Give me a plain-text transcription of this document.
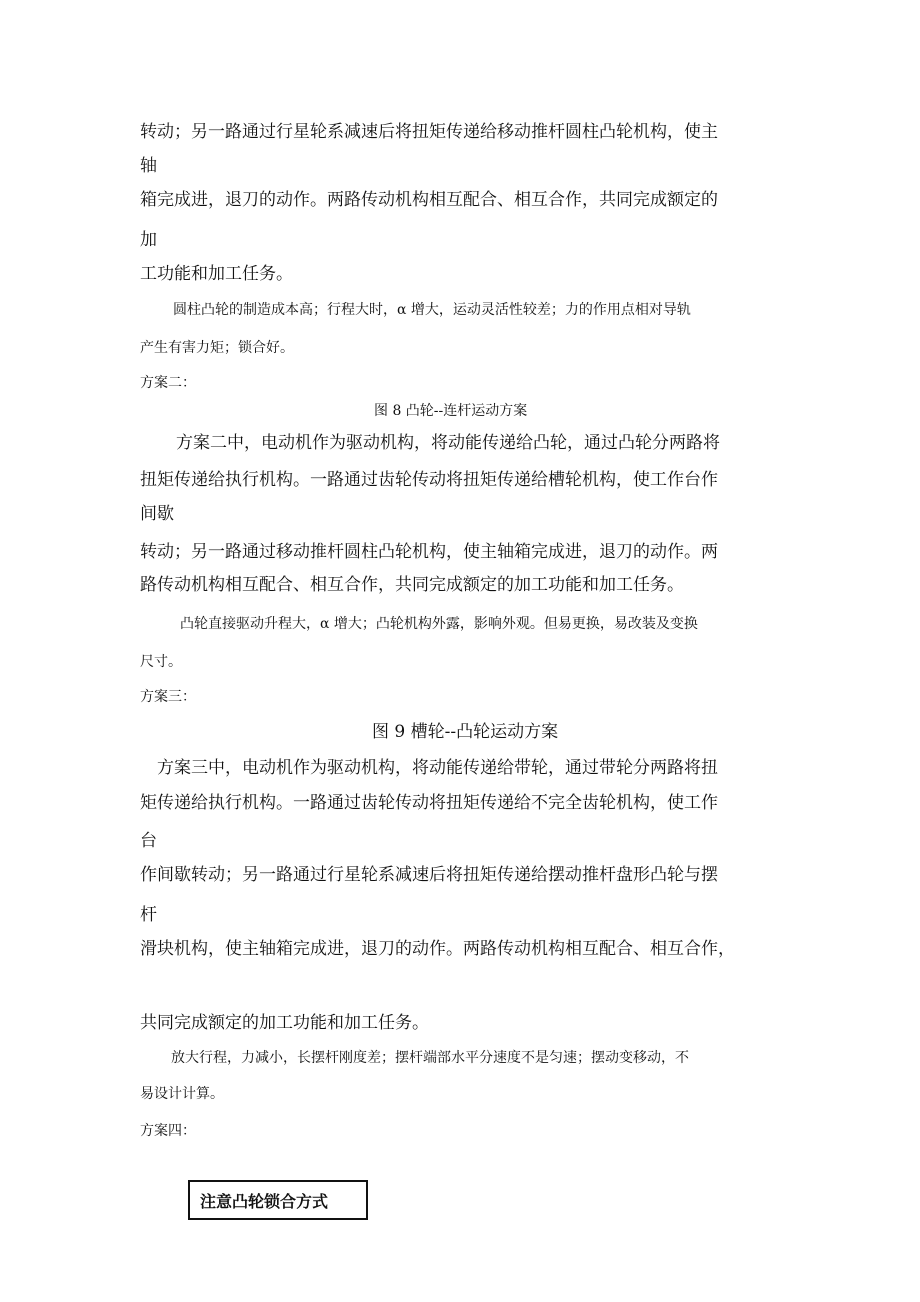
转动；另一路通过行星轮系减速后将扭矩传递给移动推杆圆柱凸轮机构，使主
轴
箱完成进，退刀的动作。两路传动机构相互配合、相互合作，共同完成额定的
加
工功能和加工任务。
圆柱凸轮的制造成本高；行程大时，α 增大，运动灵活性较差；力的作用点相对导轨
产生有害力矩；锁合好。
方案二：
图 8 凸轮--连杆运动方案
方案二中，电动机作为驱动机构，将动能传递给凸轮，通过凸轮分两路将
扭矩传递给执行机构。一路通过齿轮传动将扭矩传递给槽轮机构，使工作台作
间歇
转动；另一路通过移动推杆圆柱凸轮机构，使主轴箱完成进，退刀的动作。两
路传动机构相互配合、相互合作，共同完成额定的加工功能和加工任务。
凸轮直接驱动升程大，α 增大；凸轮机构外露，影响外观。但易更换，易改装及变换
尺寸。
方案三：
图 9 槽轮--凸轮运动方案
方案三中，电动机作为驱动机构，将动能传递给带轮，通过带轮分两路将扭
矩传递给执行机构。一路通过齿轮传动将扭矩传递给不完全齿轮机构，使工作
台
作间歇转动；另一路通过行星轮系减速后将扭矩传递给摆动推杆盘形凸轮与摆
杆
滑块机构，使主轴箱完成进，退刀的动作。两路传动机构相互配合、相互合作，
共同完成额定的加工功能和加工任务。
放大行程，力减小，长摆杆刚度差；摆杆端部水平分速度不是匀速；摆动变移动，不
易设计计算。
方案四：
注意凸轮锁合方式
